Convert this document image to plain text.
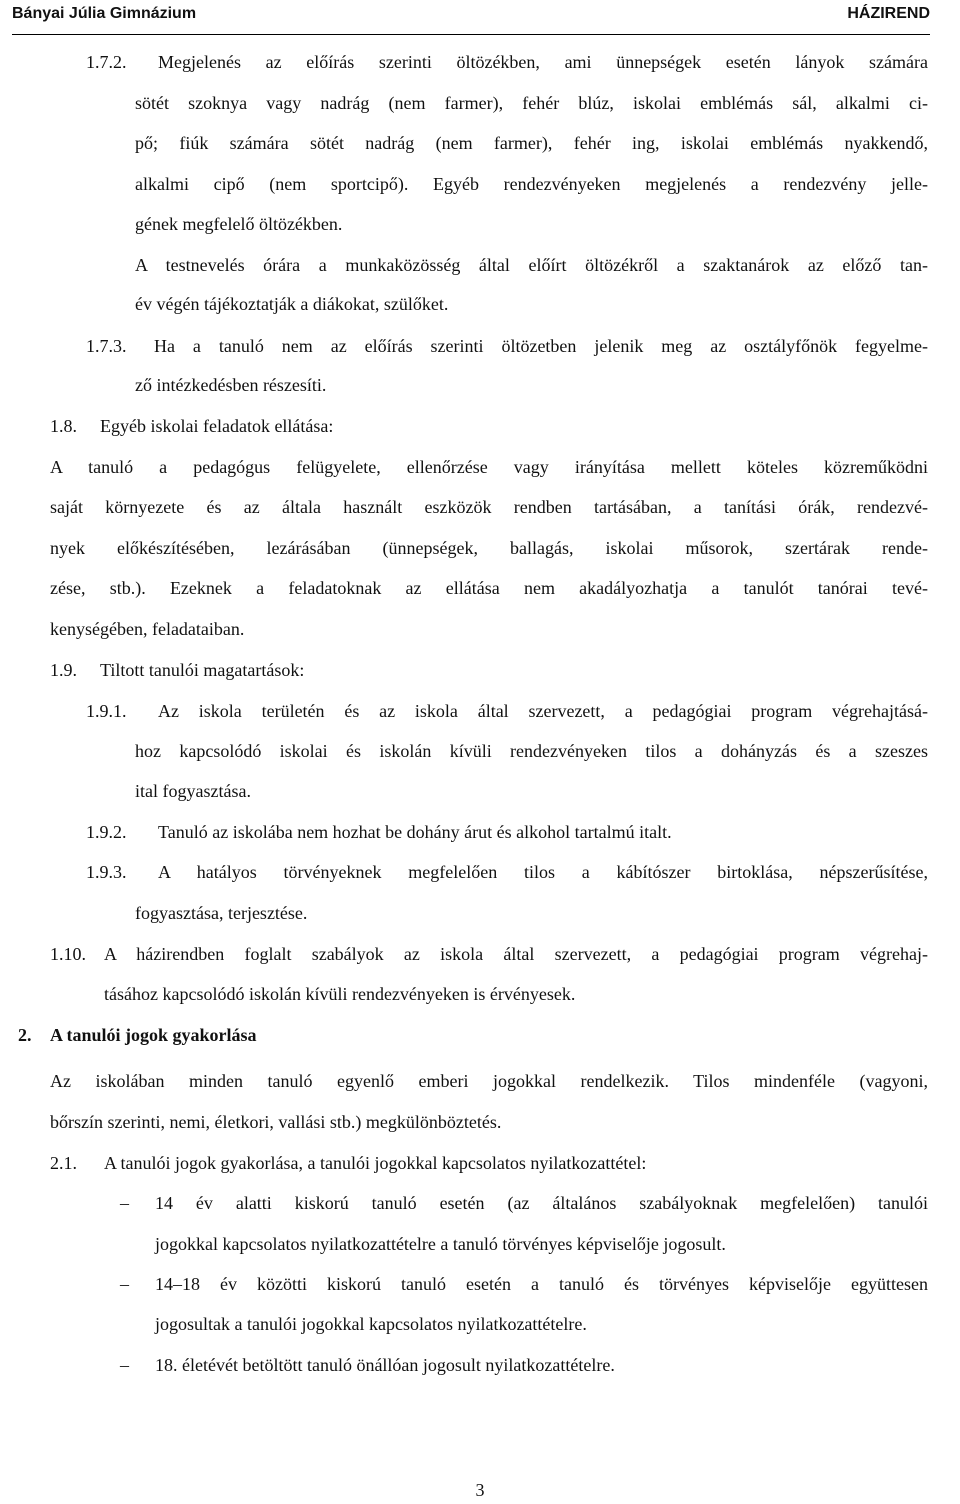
Bányai Júlia Gimnázium	HÁZIREND
1.7.2. Megjelenés az előírás szerinti öltözékben, ami ünnepségek esetén lányok számára
sötét szoknya vagy nadrág (nem farmer), fehér blúz, iskolai emblémás sál, alkalmi ci-
pő; fiúk számára sötét nadrág (nem farmer), fehér ing, iskolai emblémás nyakkendő,
alkalmi cipő (nem sportcipő). Egyéb rendezvényeken megjelenés a rendezvény jelle-
gének megfelelő öltözékben.
A testnevelés órára a munkaközösség által előírt öltözékről a szaktanárok az előző tan-
év végén tájékoztatják a diákokat, szülőket.
1.7.3. Ha a tanuló nem az előírás szerinti öltözetben jelenik meg az osztályfőnök fegyelme-
ző intézkedésben részesíti.
1.8. Egyéb iskolai feladatok ellátása:
A tanuló a pedagógus felügyelete, ellenőrzése vagy irányítása mellett köteles közreműködni
saját környezete és az általa használt eszközök rendben tartásában, a tanítási órák, rendezvé-
nyek előkészítésében, lezárásában (ünnepségek, ballagás, iskolai műsorok, szertárak rende-
zése, stb.). Ezeknek a feladatoknak az ellátása nem akadályozhatja a tanulót tanórai tevé-
kenységében, feladataiban.
1.9. Tiltott tanulói magatartások:
1.9.1. Az iskola területén és az iskola által szervezett, a pedagógiai program végrehajtásá-
hoz kapcsolódó iskolai és iskolán kívüli rendezvényeken tilos a dohányzás és a szeszes
ital fogyasztása.
1.9.2. Tanuló az iskolába nem hozhat be dohány árut és alkohol tartalmú italt.
1.9.3. A hatályos törvényeknek megfelelően tilos a kábítószer birtoklása, népszerűsítése,
fogyasztása, terjesztése.
1.10. A házirendben foglalt szabályok az iskola által szervezett, a pedagógiai program végrehaj-
tásához kapcsolódó iskolán kívüli rendezvényeken is érvényesek.
2. A tanulói jogok gyakorlása
Az iskolában minden tanuló egyenlő emberi jogokkal rendelkezik. Tilos mindenféle (vagyoni,
bőrszín szerinti, nemi, életkori, vallási stb.) megkülönböztetés.
2.1. A tanulói jogok gyakorlása, a tanulói jogokkal kapcsolatos nyilatkozattétel:
– 14 év alatti kiskorú tanuló esetén (az általános szabályoknak megfelelően) tanulói
jogokkal kapcsolatos nyilatkozattételre a tanuló törvényes képviselője jogosult.
– 14–18 év közötti kiskorú tanuló esetén a tanuló és törvényes képviselője együttesen
jogosultak a tanulói jogokkal kapcsolatos nyilatkozattételre.
– 18. életévét betöltött tanuló önállóan jogosult nyilatkozattételre.
3
